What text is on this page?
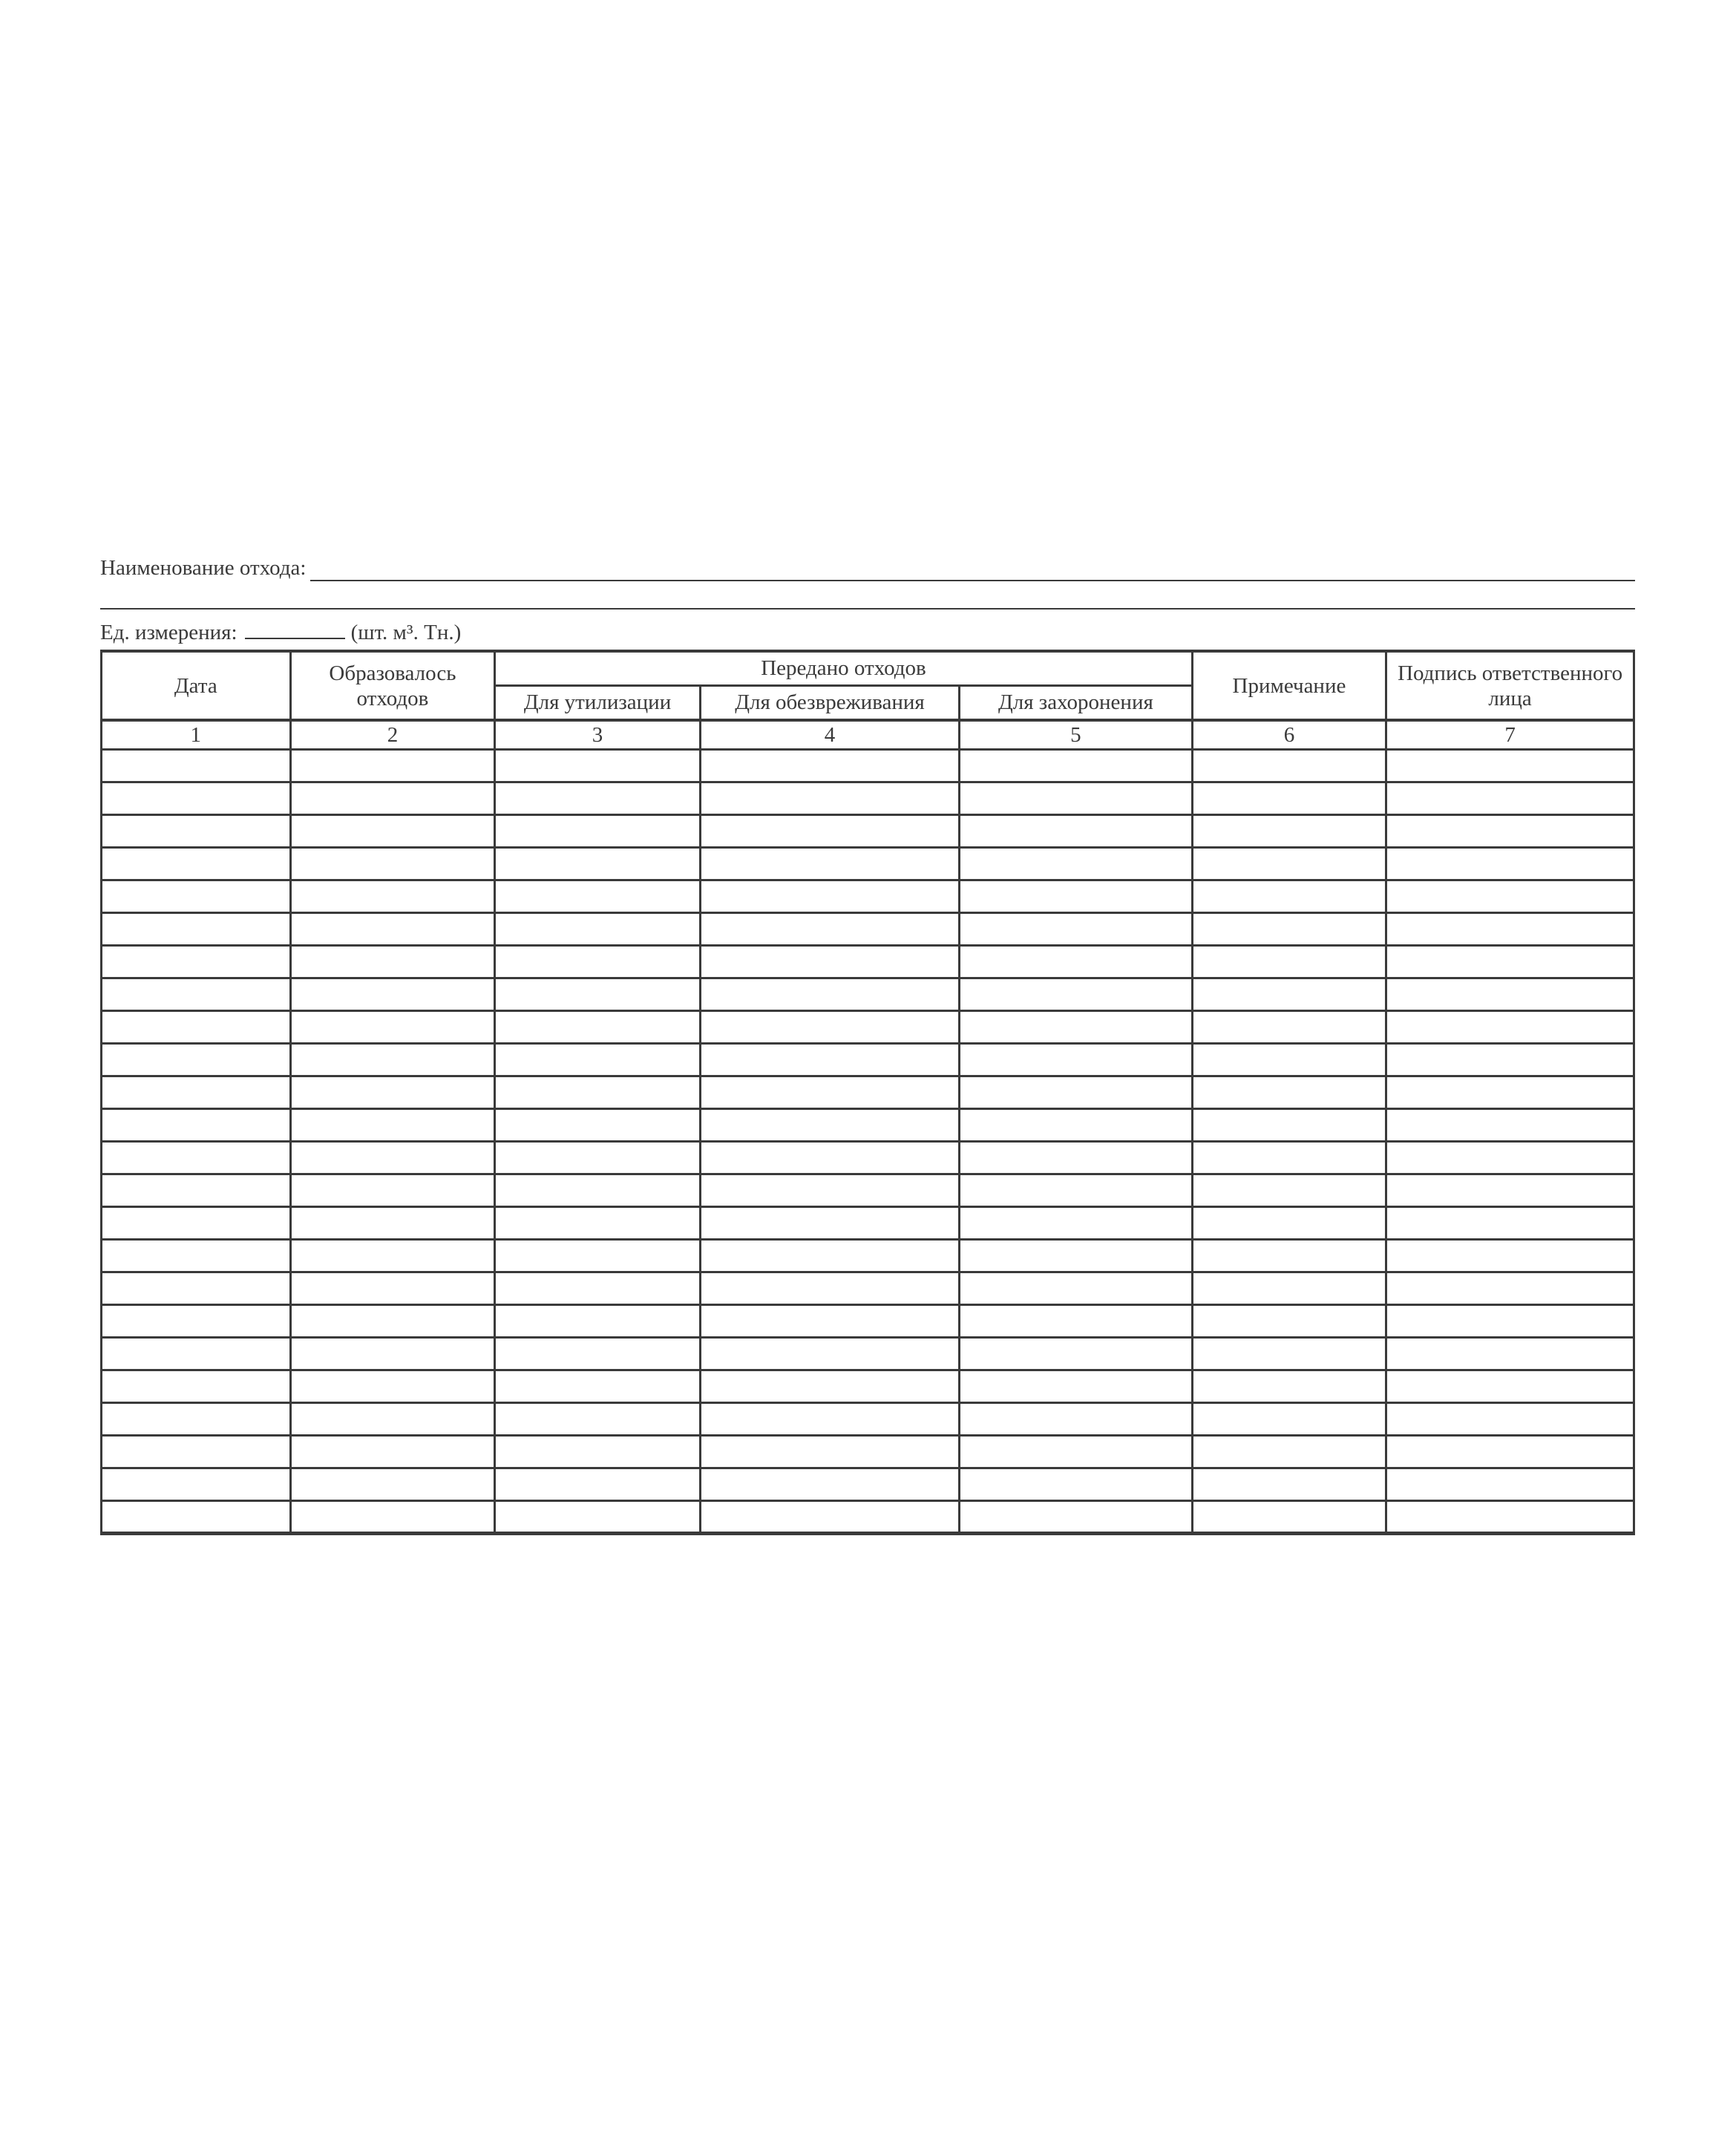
Наименование отхода:
Ед. измерения:	(шт. м³. Тн.)
Дата	Образовалось отходов	Передано отходов			Примечание	Подпись ответственного лица
		Для утилизации	Для обезвреживания	Для захоронения		
1	2	3	4	5	6	7
